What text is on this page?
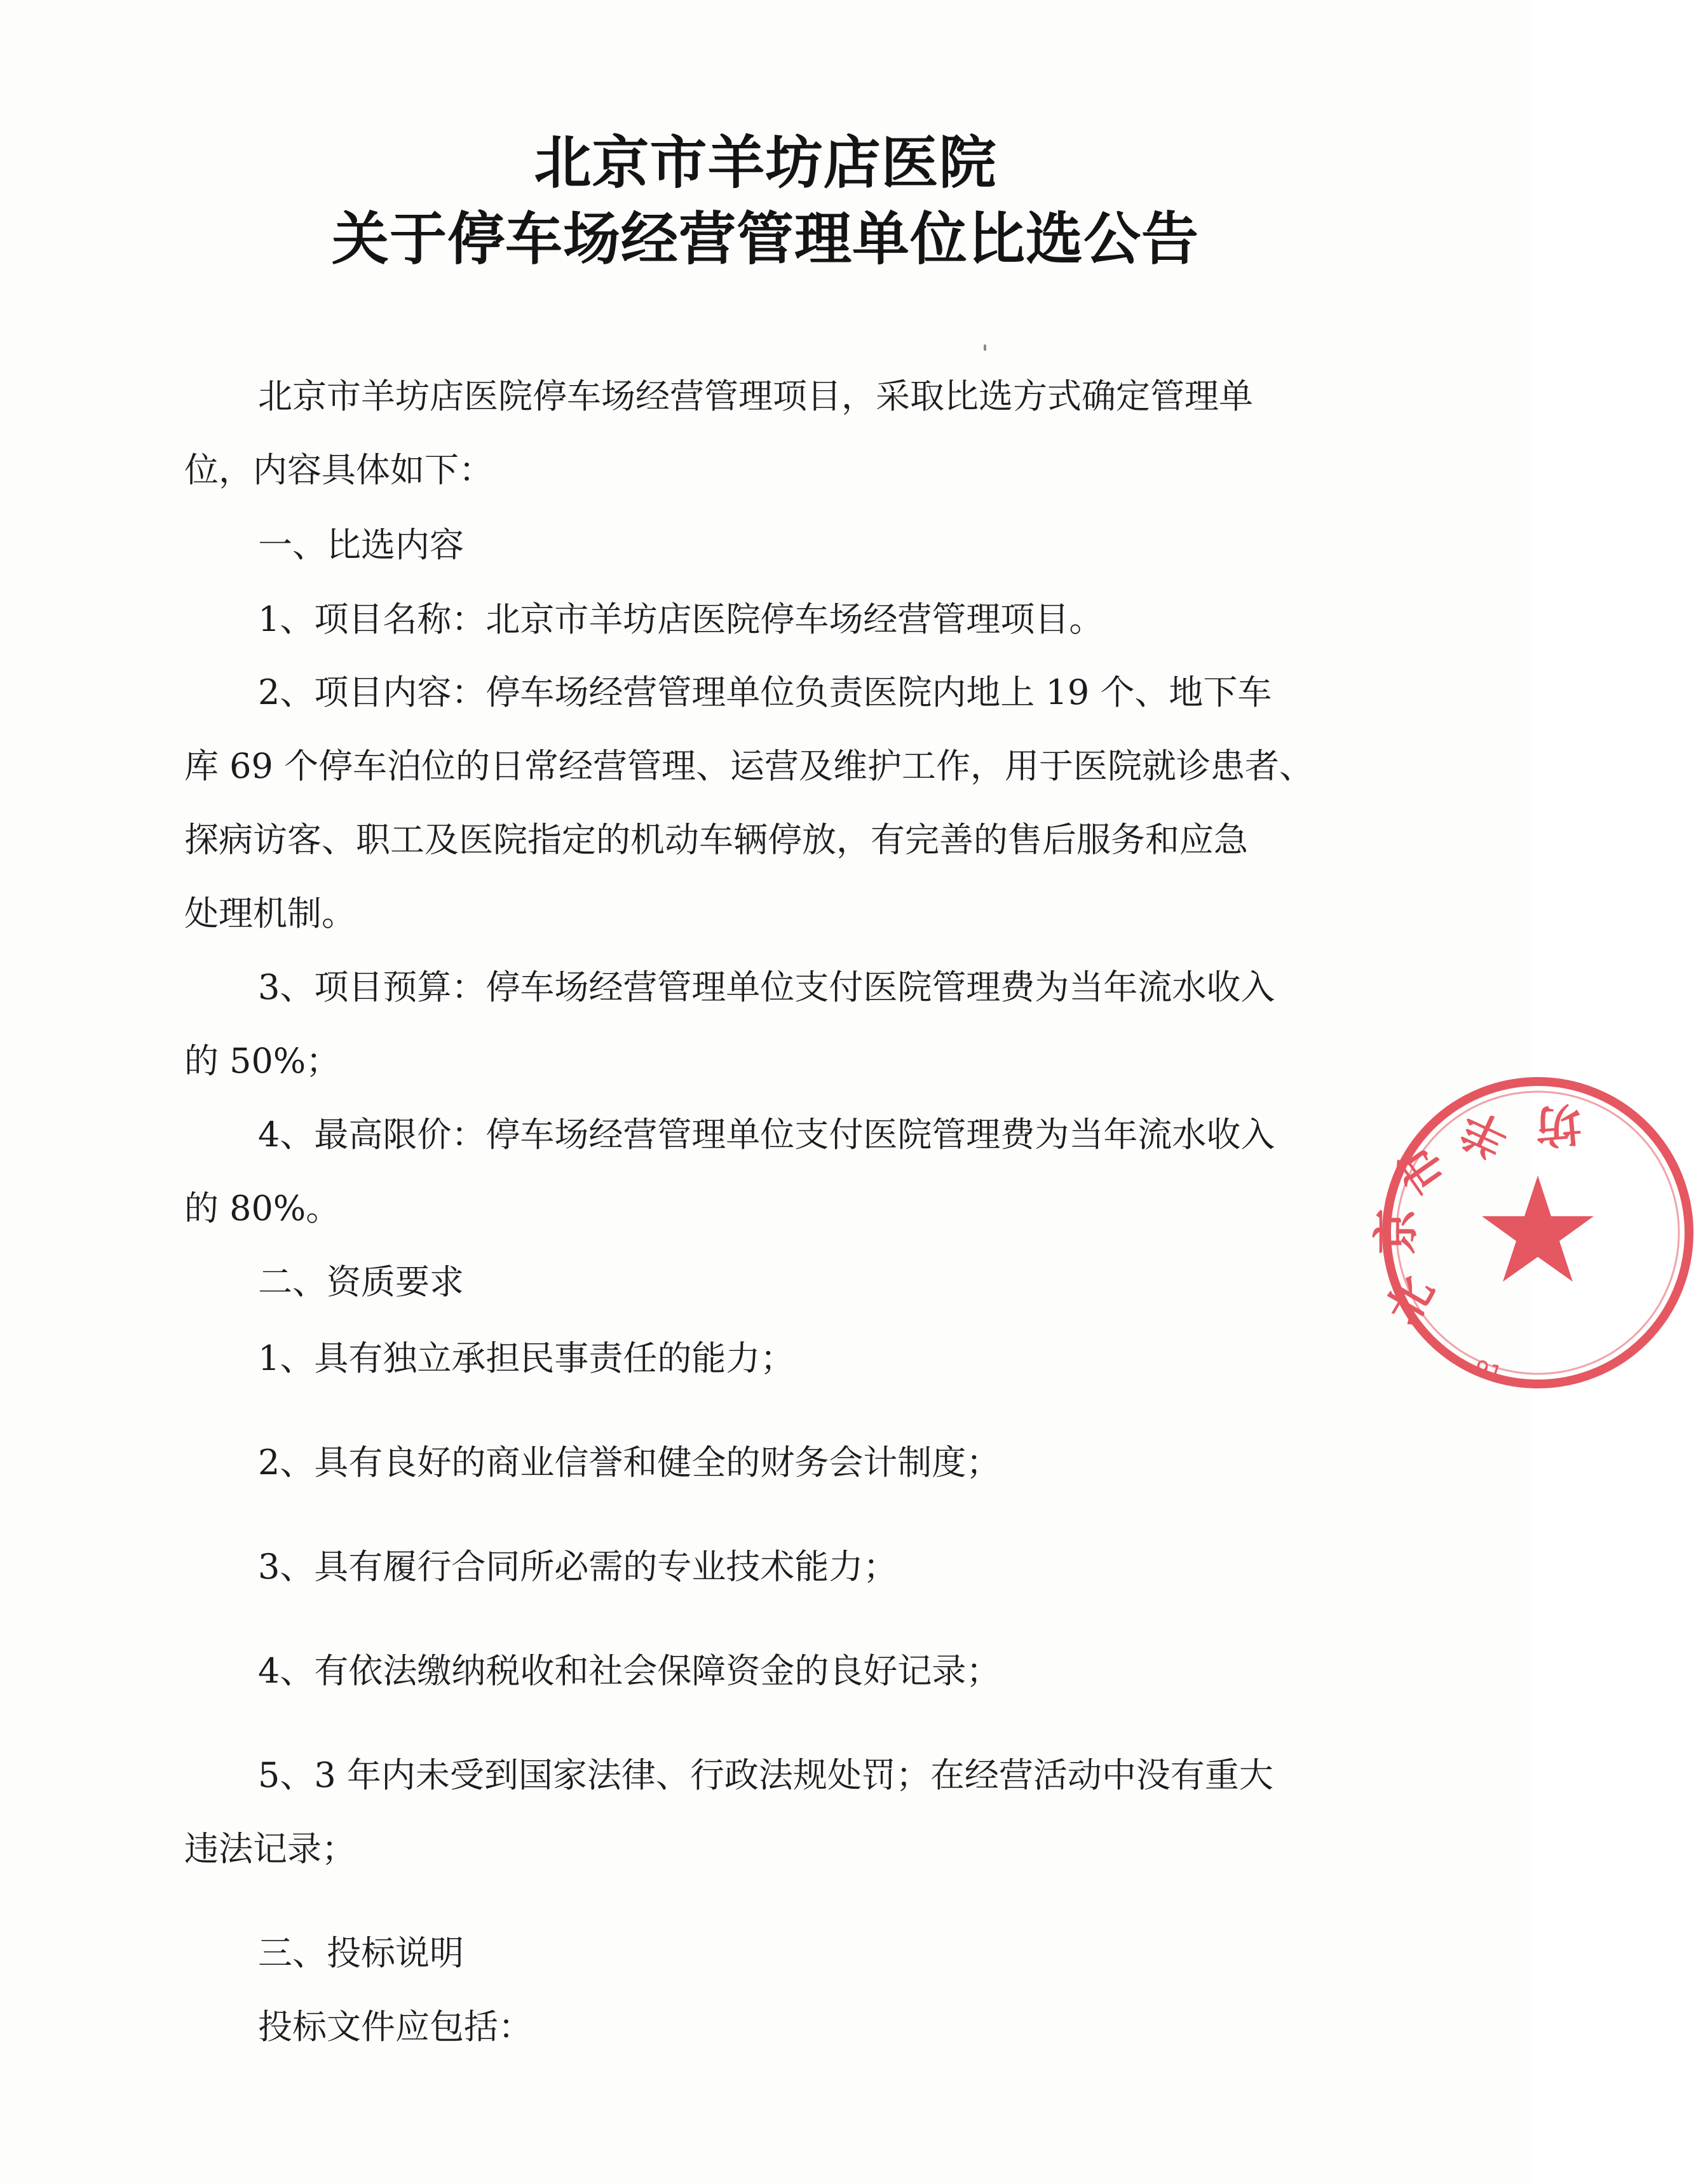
北京市羊坊店医院
关于停车场经营管理单位比选公告

北京市羊坊店医院停车场经营管理项目，采取比选方式确定管理单

位，内容具体如下：

一、比选内容

1、项目名称：北京市羊坊店医院停车场经营管理项目。

2、项目内容：停车场经营管理单位负责医院内地上 19 个、地下车

库 69 个停车泊位的日常经营管理、运营及维护工作，用于医院就诊患者、

探病访客、职工及医院指定的机动车辆停放，有完善的售后服务和应急

处理机制。

3、项目预算：停车场经营管理单位支付医院管理费为当年流水收入

的 50%；

4、最高限价：停车场经营管理单位支付医院管理费为当年流水收入

的 80%。

二、资质要求

1、具有独立承担民事责任的能力；

2、具有良好的商业信誉和健全的财务会计制度；

3、具有履行合同所必需的专业技术能力；

4、有依法缴纳税收和社会保障资金的良好记录；

5、3 年内未受到国家法律、行政法规处罚；在经营活动中没有重大

违法记录；

三、投标说明

投标文件应包括：

北
京
市
羊 坊
91
